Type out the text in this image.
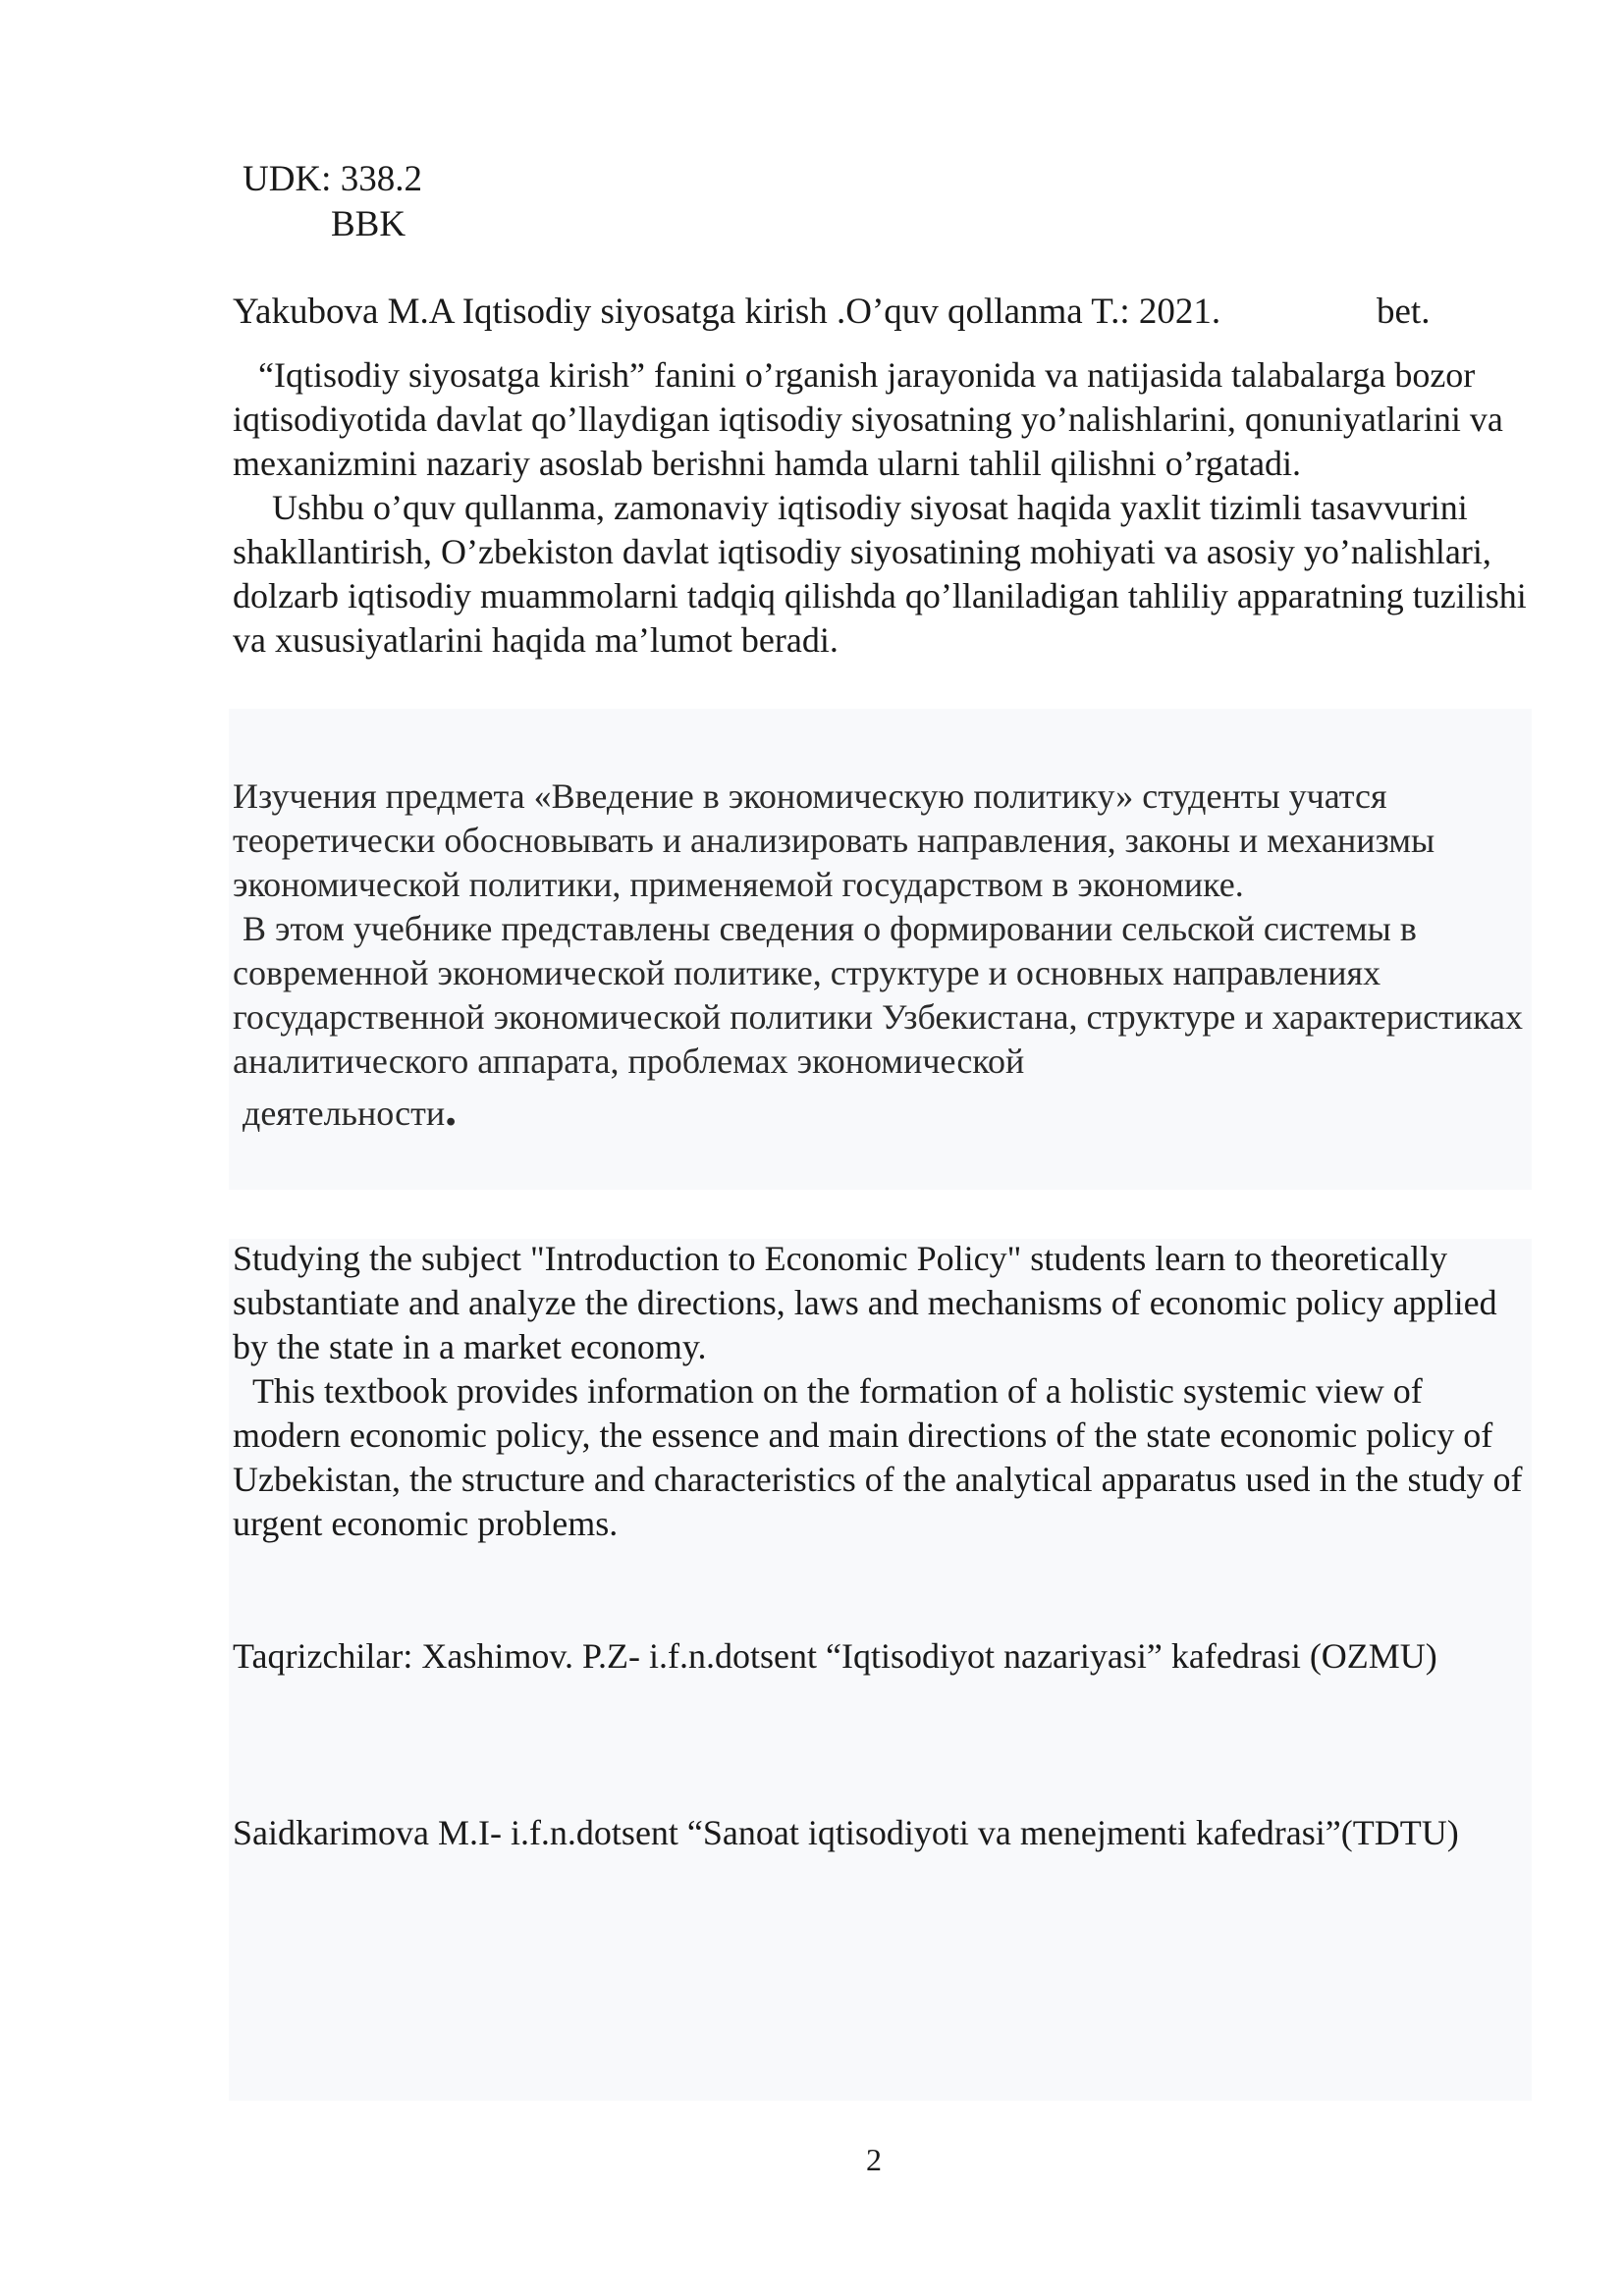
UDK: 338.2
BBK
Yakubova M.A Iqtisodiy siyosatga kirish .O’quv qollanma T.: 2021.	bet.

“Iqtisodiy siyosatga kirish” fanini o’rganish jarayonida va natijasida talabalarga bozor iqtisodiyotida davlat qo’llaydigan iqtisodiy siyosatning yo’nalishlarini, qonuniyatlarini va mexanizmini nazariy asoslab berishni hamda ularni tahlil qilishni o’rgatadi.

Ushbu o’quv qullanma, zamonaviy iqtisodiy siyosat haqida yaxlit tizimli tasavvurini shakllantirish, O’zbekiston davlat iqtisodiy siyosatining mohiyati va asosiy yo’nalishlari, dolzarb iqtisodiy muammolarni tadqiq qilishda qo’llaniladigan tahliliy apparatning tuzilishi va xususiyatlarini haqida ma’lumot beradi.

Изучения предмета «Введение в экономическую политику» студенты учатся теоретически обосновывать и анализировать направления, законы и механизмы экономической политики, применяемой государством в экономике.

В этом учебнике представлены сведения о формировании сельской системы в современной экономической политике, структуре и основных направлениях государственной экономической политики Узбекистана, структуре и характеристиках аналитического аппарата, проблемах экономической
деятельности.

Studying the subject "Introduction to Economic Policy" students learn to theoretically substantiate and analyze the directions, laws and mechanisms of economic policy applied by the state in a market economy.

This textbook provides information on the formation of a holistic systemic view of modern economic policy, the essence and main directions of the state economic policy of Uzbekistan, the structure and characteristics of the analytical apparatus used in the study of urgent economic problems.

Taqrizchilar: Xashimov. P.Z- i.f.n.dotsent “Iqtisodiyot nazariyasi” kafedrasi (OZMU)
Saidkarimova M.I- i.f.n.dotsent “Sanoat iqtisodiyoti va menejmenti kafedrasi”(TDTU)
2
